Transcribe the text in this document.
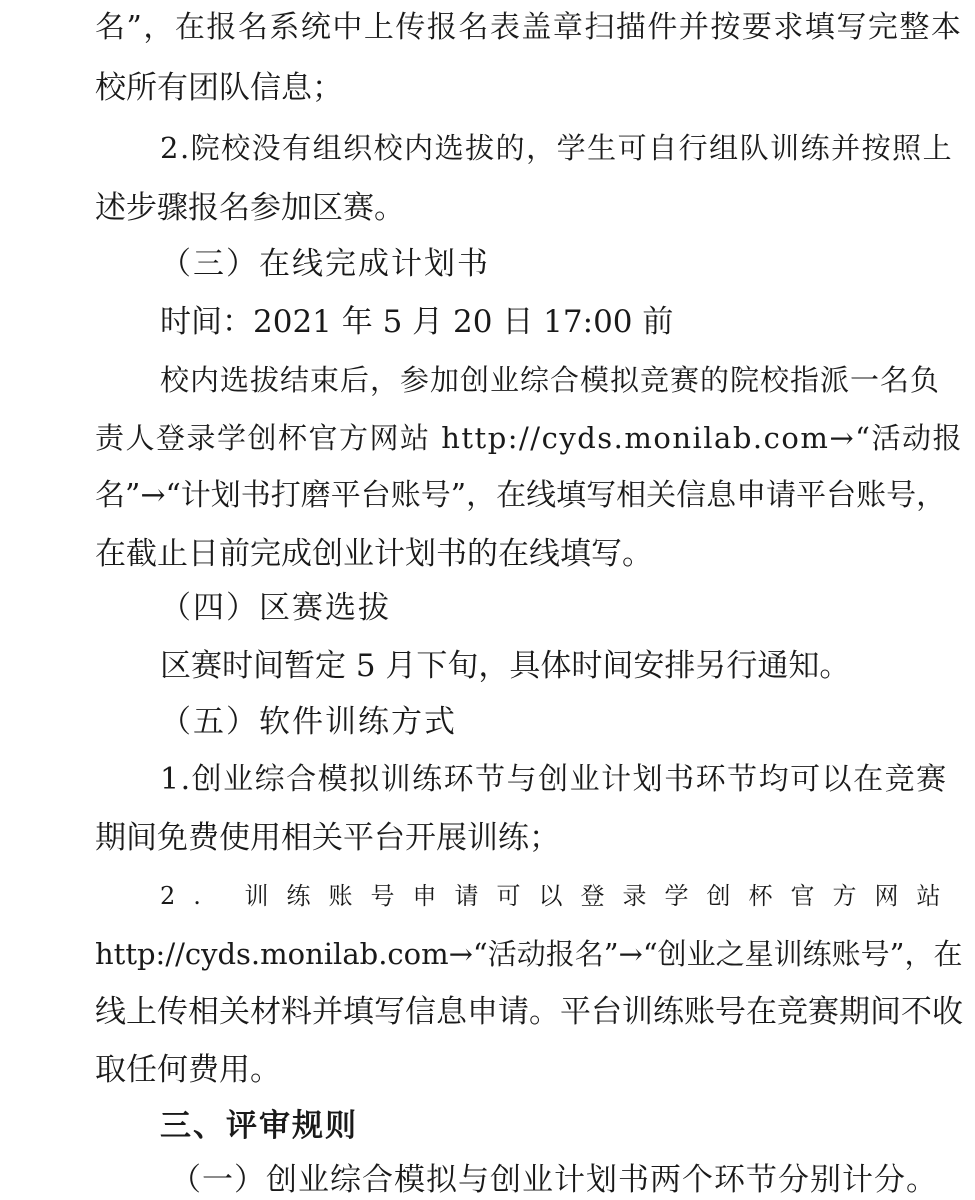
名”，在报名系统中上传报名表盖章扫描件并按要求填写完整本
校所有团队信息；
2.院校没有组织校内选拔的，学生可自行组队训练并按照上
述步骤报名参加区赛。
（三）在线完成计划书
时间：2021 年 5 月 20 日 17:00 前
校内选拔结束后，参加创业综合模拟竞赛的院校指派一名负
责人登录学创杯官方网站 http://cyds.monilab.com→“活动报
名”→“计划书打磨平台账号”，在线填写相关信息申请平台账号，
在截止日前完成创业计划书的在线填写。
（四）区赛选拔
区赛时间暂定 5 月下旬，具体时间安排另行通知。
（五）软件训练方式
1.创业综合模拟训练环节与创业计划书环节均可以在竞赛
期间免费使用相关平台开展训练；
2. 训练账号申请可以登录学创杯官方网站
http://cyds.monilab.com→“活动报名”→“创业之星训练账号”，在
线上传相关材料并填写信息申请。平台训练账号在竞赛期间不收
取任何费用。
三、评审规则
（一）创业综合模拟与创业计划书两个环节分别计分。
